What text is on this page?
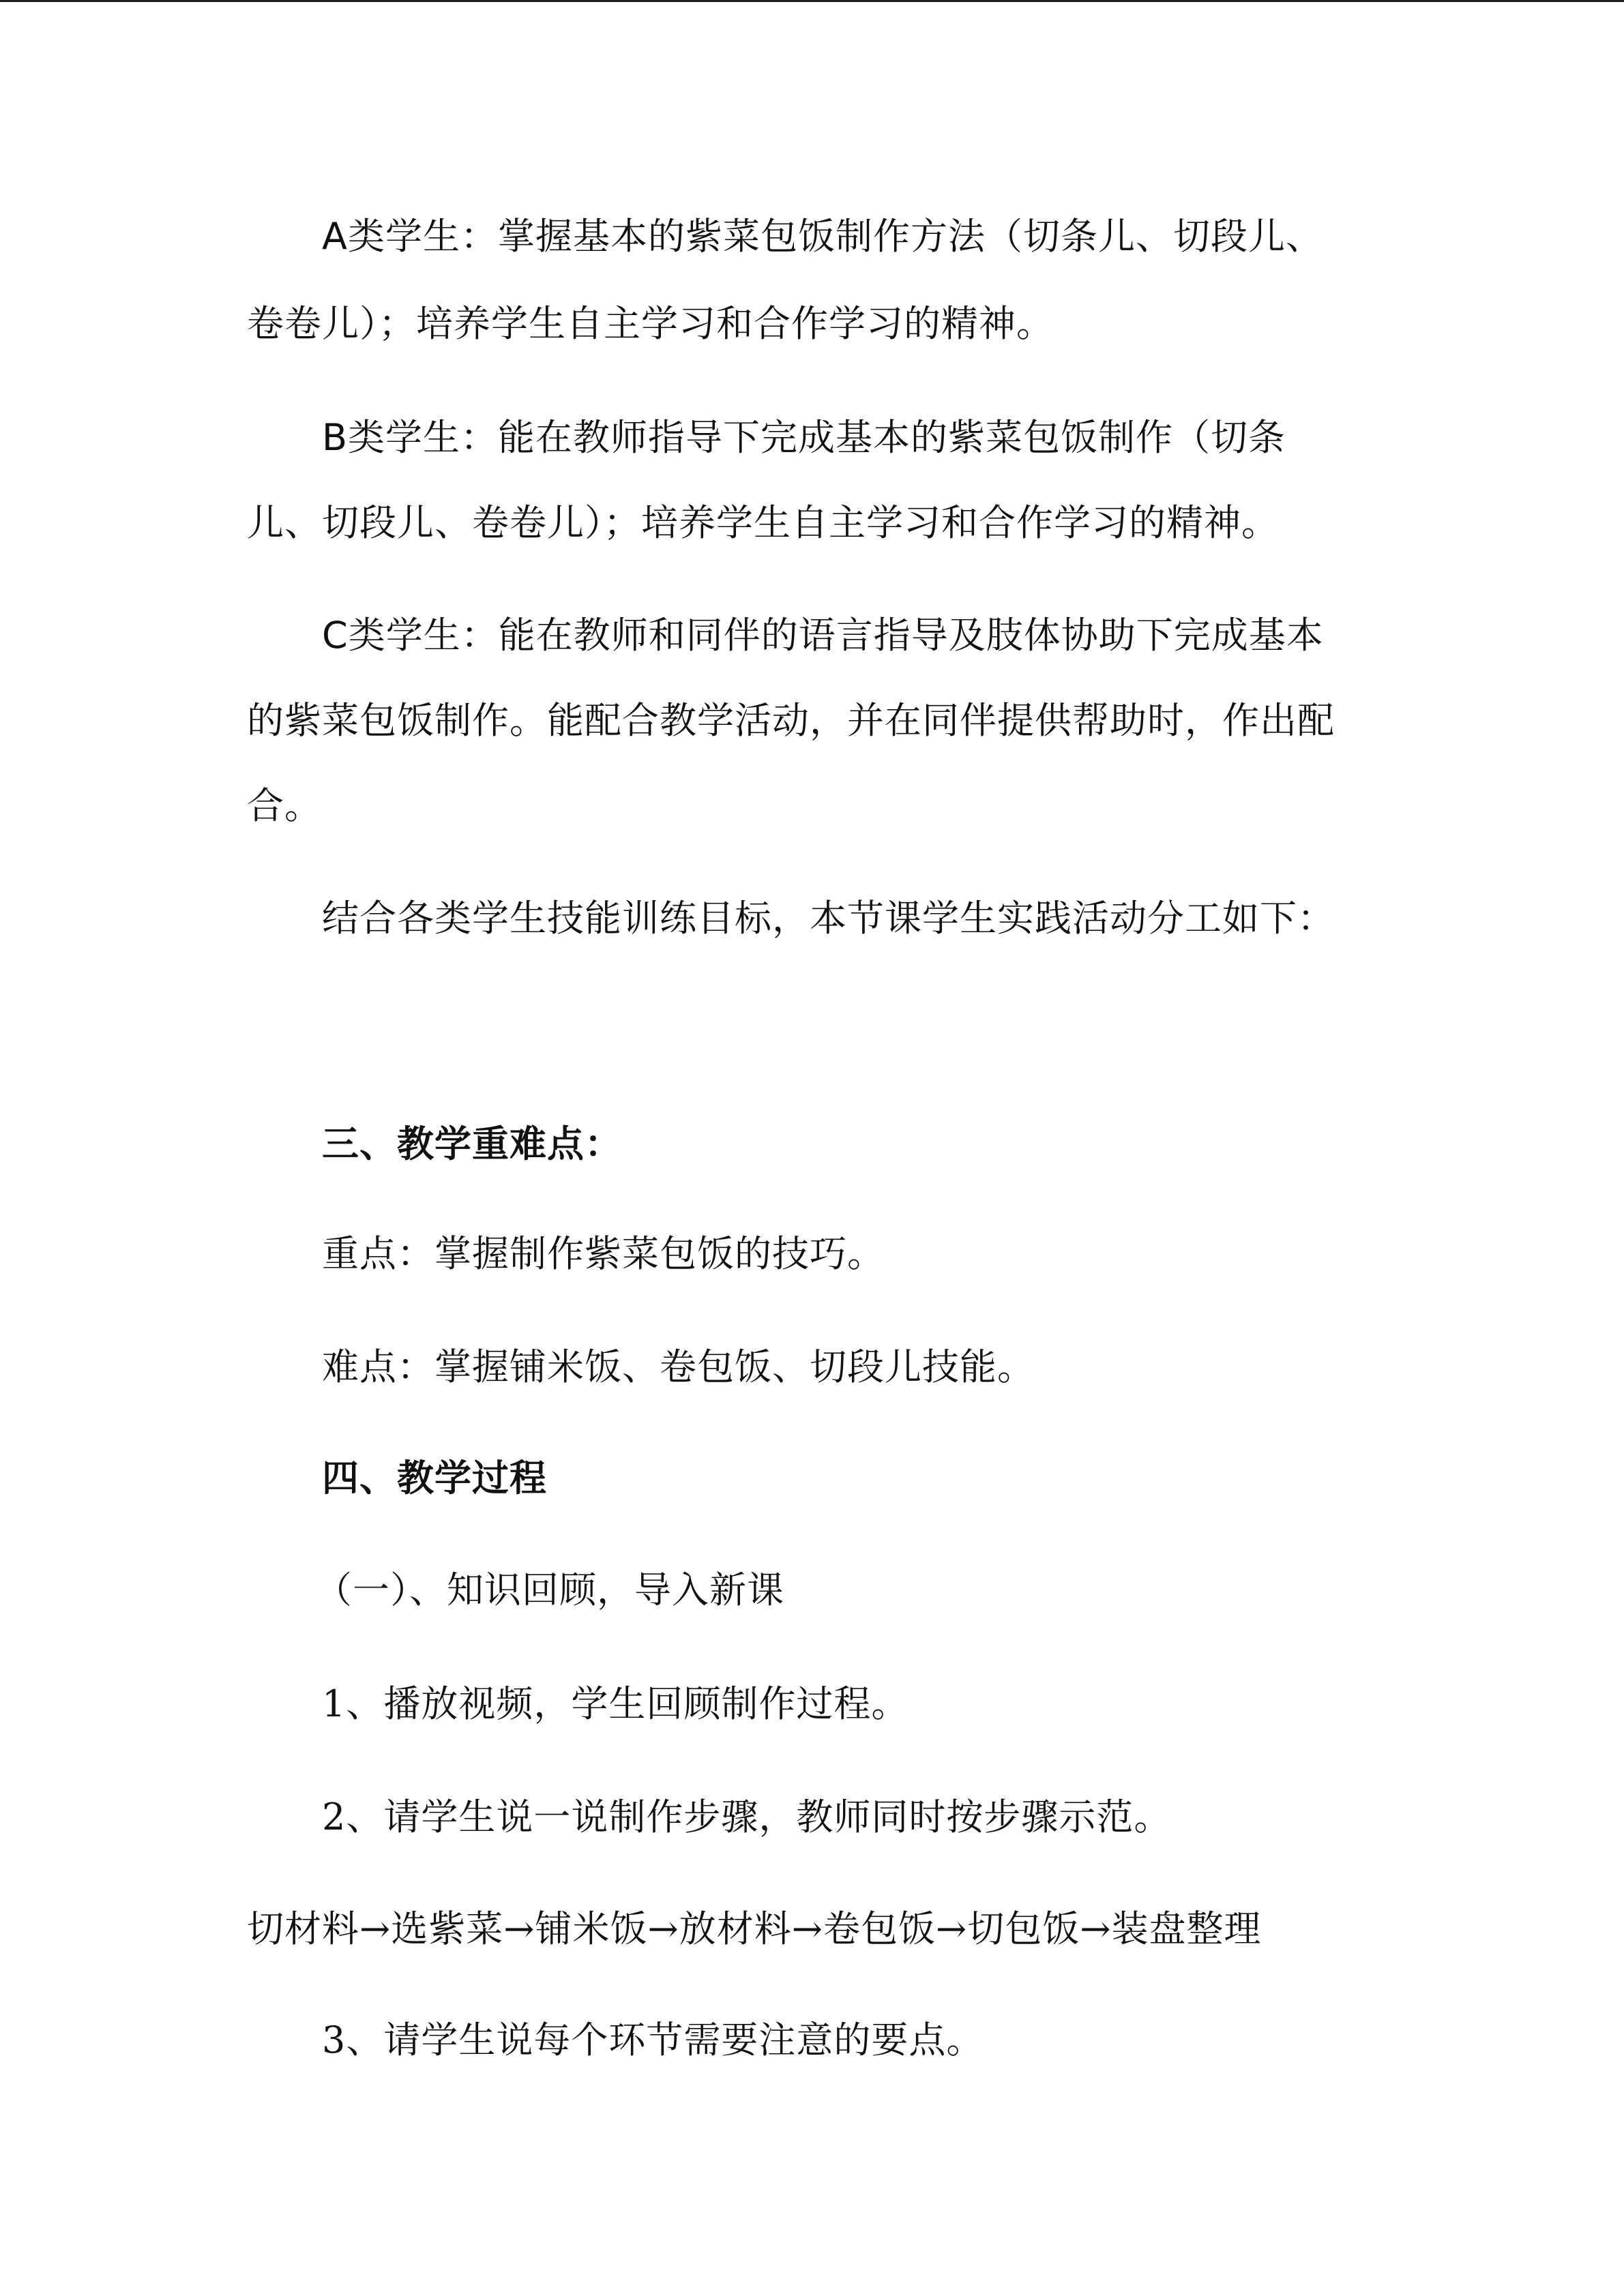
A类学生：掌握基本的紫菜包饭制作方法（切条儿、切段儿、
卷卷儿）；培养学生自主学习和合作学习的精神。
B类学生：能在教师指导下完成基本的紫菜包饭制作（切条
儿、切段儿、卷卷儿）；培养学生自主学习和合作学习的精神。
C类学生：能在教师和同伴的语言指导及肢体协助下完成基本
的紫菜包饭制作。能配合教学活动，并在同伴提供帮助时，作出配
合。
结合各类学生技能训练目标，本节课学生实践活动分工如下：
三、教学重难点：
重点：掌握制作紫菜包饭的技巧。
难点：掌握铺米饭、卷包饭、切段儿技能。
四、教学过程
（一）、知识回顾，导入新课
1、播放视频，学生回顾制作过程。
2、请学生说一说制作步骤，教师同时按步骤示范。
切材料→选紫菜→铺米饭→放材料→卷包饭→切包饭→装盘整理
3、请学生说每个环节需要注意的要点。
